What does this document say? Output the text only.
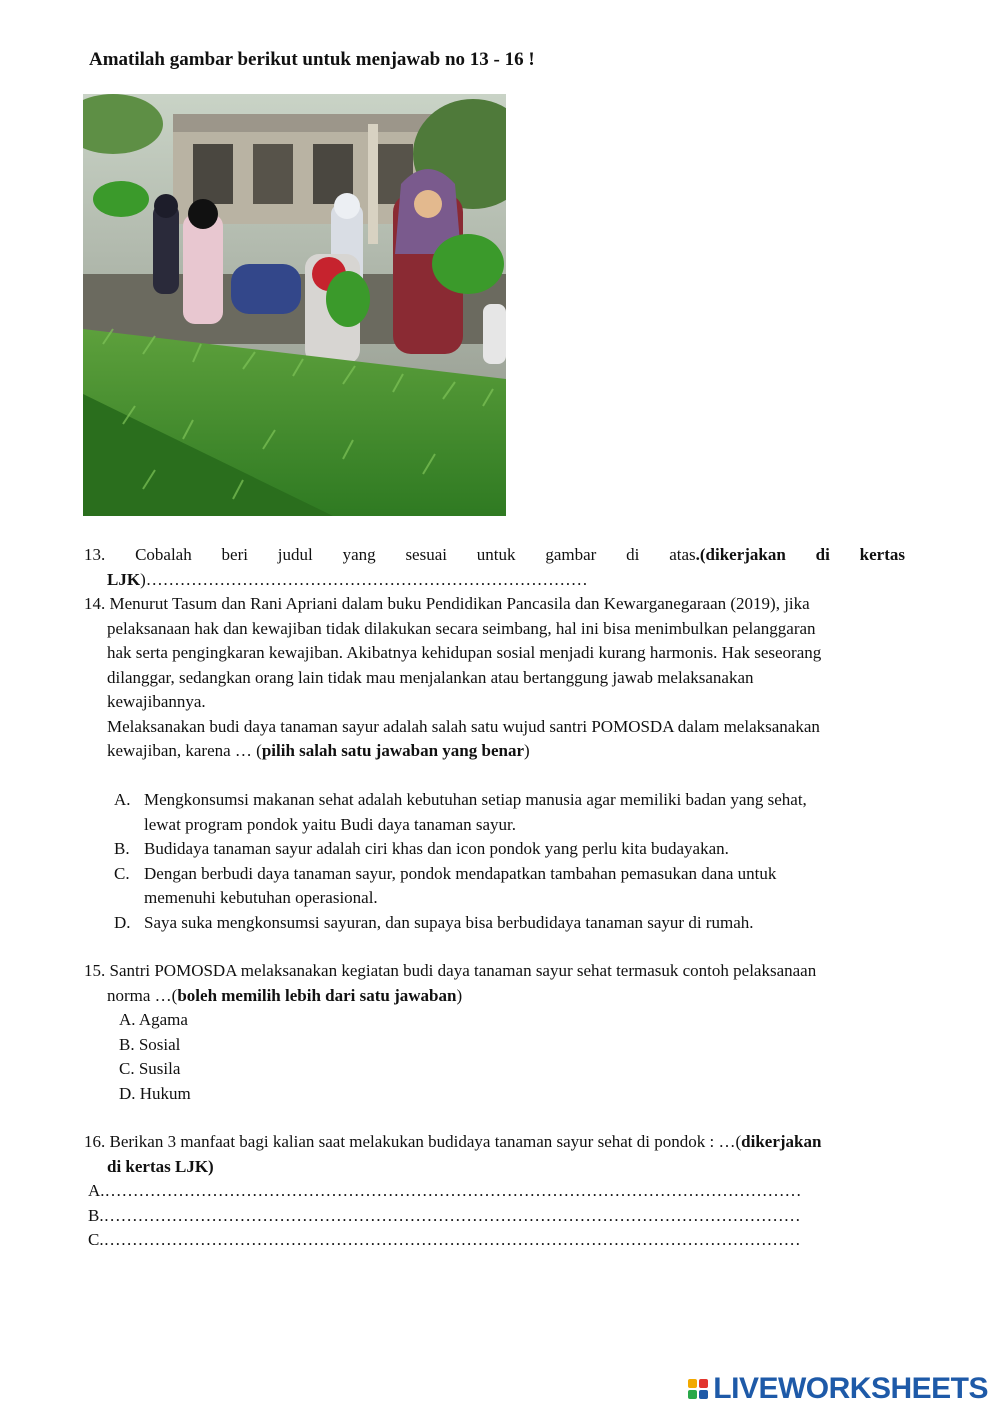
Amatilah gambar berikut untuk menjawab no 13 - 16 !

13. Cobalah beri judul yang sesuai untuk gambar di atas.(dikerjakan di kertas

LJK)……………………………………………………………………

14. Menurut Tasum dan Rani Apriani dalam buku Pendidikan Pancasila dan Kewarganegaraan (2019), jika

pelaksanaan hak dan kewajiban tidak dilakukan secara seimbang, hal ini bisa menimbulkan pelanggaran

hak serta pengingkaran kewajiban. Akibatnya kehidupan sosial menjadi kurang harmonis. Hak seseorang

dilanggar, sedangkan orang lain tidak mau menjalankan atau bertanggung jawab melaksanakan

kewajibannya.

Melaksanakan budi daya tanaman sayur adalah salah satu wujud santri POMOSDA dalam melaksanakan

kewajiban, karena … (pilih salah satu jawaban yang benar)

A. Mengkonsumsi makanan sehat adalah kebutuhan setiap manusia agar memiliki badan yang sehat,
lewat program pondok yaitu Budi daya tanaman sayur.
B. Budidaya tanaman sayur adalah ciri khas dan icon pondok yang perlu kita budayakan.
C. Dengan berbudi daya tanaman sayur, pondok mendapatkan tambahan pemasukan dana untuk
memenuhi kebutuhan operasional.
D. Saya suka mengkonsumsi sayuran, dan supaya bisa berbudidaya tanaman sayur di rumah.

15. Santri POMOSDA melaksanakan kegiatan budi daya tanaman sayur sehat termasuk contoh pelaksanaan

norma …(boleh memilih lebih dari satu jawaban)

A. Agama
B. Sosial
C. Susila
D. Hukum

16. Berikan 3 manfaat bagi kalian saat melakukan budidaya tanaman sayur sehat di pondok : …(dikerjakan

di kertas LJK)

A.……………………………………………………………………………………………………………

B.……………………………………………………………………………………………………………

C.……………………………………………………………………………………………………………

LIVEWORKSHEETS
